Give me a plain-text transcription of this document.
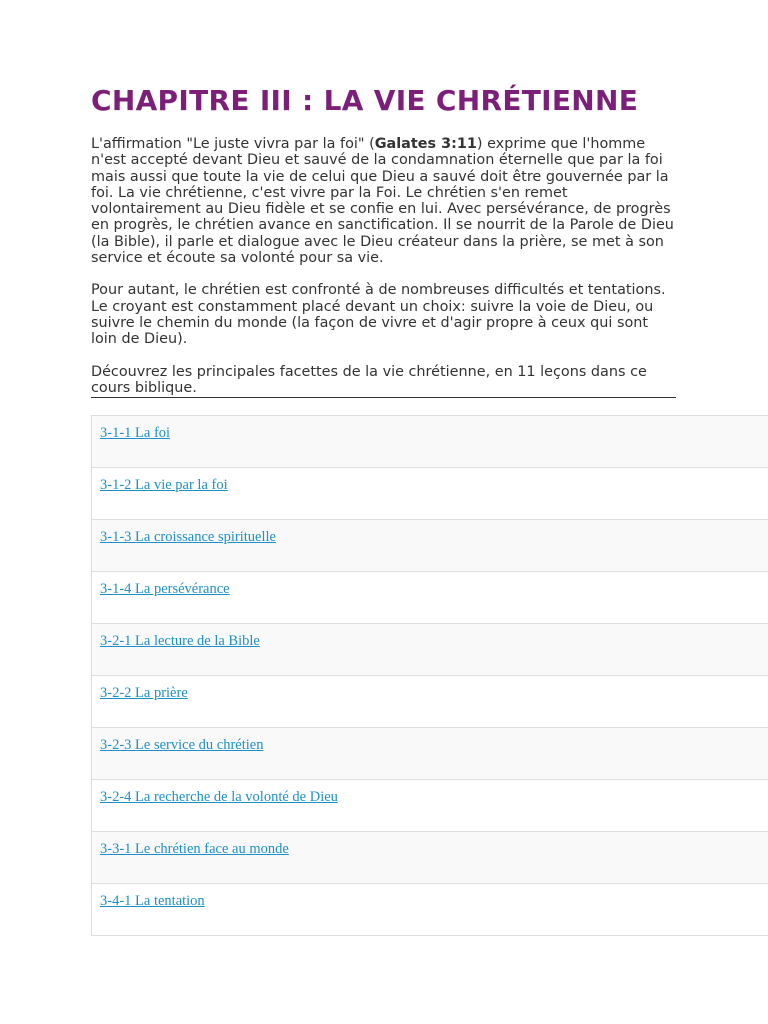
CHAPITRE III : LA VIE CHRÉTIENNE

L'affirmation "Le juste vivra par la foi" (Galates 3:11) exprime que l'homme n'est accepté devant Dieu et sauvé de la condamnation éternelle que par la foi mais aussi que toute la vie de celui que Dieu a sauvé doit être gouvernée par la foi. La vie chrétienne, c'est vivre par la Foi. Le chrétien s'en remet volontairement au Dieu fidèle et se confie en lui. Avec persévérance, de progrès en progrès, le chrétien avance en sanctification. Il se nourrit de la Parole de Dieu (la Bible), il parle et dialogue avec le Dieu créateur dans la prière, se met à son service et écoute sa volonté pour sa vie.

Pour autant, le chrétien est confronté à de nombreuses difficultés et tentations. Le croyant est constamment placé devant un choix: suivre la voie de Dieu, ou suivre le chemin du monde (la façon de vivre et d'agir propre à ceux qui sont loin de Dieu).

Découvrez les principales facettes de la vie chrétienne, en 11 leçons dans ce cours biblique.

3-1-1 La foi
3-1-2 La vie par la foi
3-1-3 La croissance spirituelle
3-1-4 La persévérance
3-2-1 La lecture de la Bible
3-2-2 La prière
3-2-3 Le service du chrétien
3-2-4 La recherche de la volonté de Dieu
3-3-1 Le chrétien face au monde
3-4-1 La tentation
